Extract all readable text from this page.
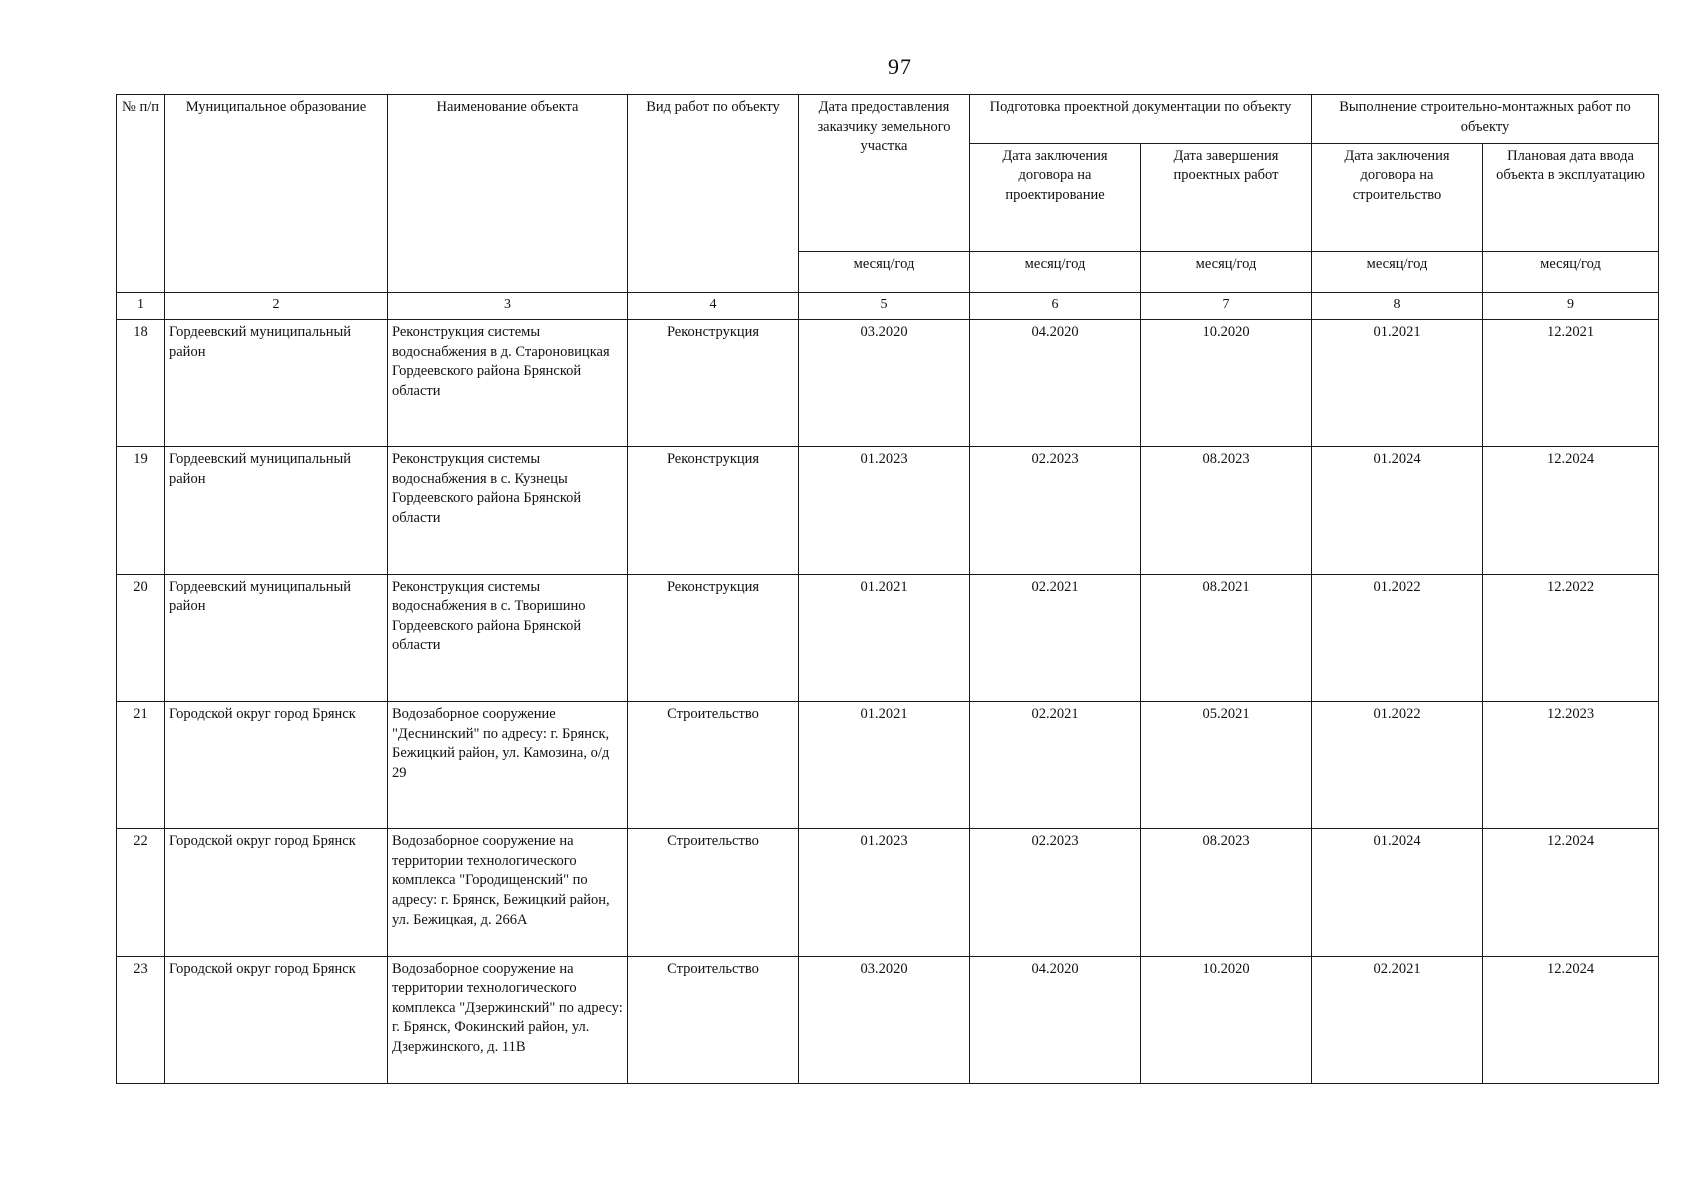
97
№ п/п	Муниципальное образование	Наименование объекта	Вид работ по объекту	Дата предоставления заказчику земельного участка	Подготовка проектной документации по объекту		Выполнение строительно-монтажных работ по объекту	
					Дата заключения договора на проектирование	Дата завершения проектных работ	Дата заключения договора на строительство	Плановая дата ввода объекта в эксплуатацию
				месяц/год	месяц/год	месяц/год	месяц/год	месяц/год
1	2	3	4	5	6	7	8	9
18	Гордеевский муниципальный район	Реконструкция системы водоснабжения в д. Староновицкая Гордеевского района Брянской области	Реконструкция	03.2020	04.2020	10.2020	01.2021	12.2021
19	Гордеевский муниципальный район	Реконструкция системы водоснабжения в с. Кузнецы Гордеевского района Брянской области	Реконструкция	01.2023	02.2023	08.2023	01.2024	12.2024
20	Гордеевский муниципальный район	Реконструкция системы водоснабжения в с. Творишино Гордеевского района Брянской области	Реконструкция	01.2021	02.2021	08.2021	01.2022	12.2022
21	Городской округ город Брянск	Водозаборное сооружение "Деснинский" по адресу: г. Брянск, Бежицкий район, ул. Камозина, о/д 29	Строительство	01.2021	02.2021	05.2021	01.2022	12.2023
22	Городской округ город Брянск	Водозаборное сооружение на территории технологического комплекса "Городищенский" по адресу: г. Брянск, Бежицкий район, ул. Бежицкая, д. 266А	Строительство	01.2023	02.2023	08.2023	01.2024	12.2024
23	Городской округ город Брянск	Водозаборное сооружение на территории технологического комплекса "Дзержинский" по адресу: г. Брянск, Фокинский район, ул. Дзержинского, д. 11В	Строительство	03.2020	04.2020	10.2020	02.2021	12.2024
